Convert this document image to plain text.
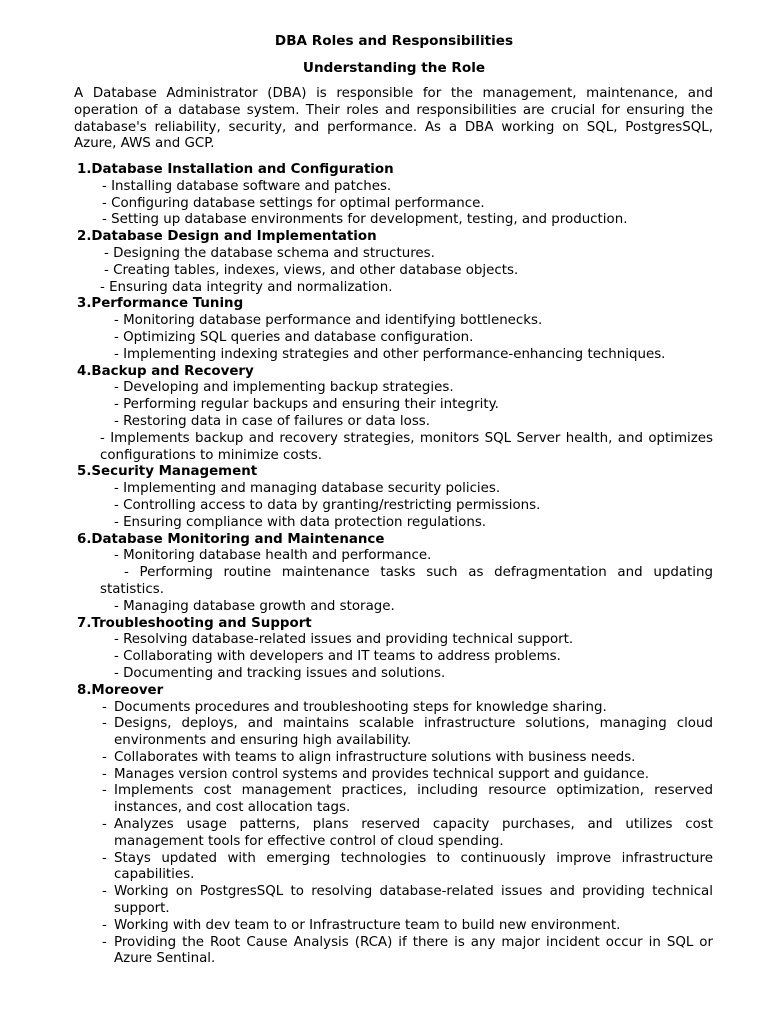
DBA Roles and Responsibilities
Understanding the Role

A Database Administrator (DBA) is responsible for the management, maintenance, and operation of a database system. Their roles and responsibilities are crucial for ensuring the database's reliability, security, and performance. As a DBA working on SQL, PostgresSQL, Azure, AWS and GCP.

1.Database Installation and Configuration
- Installing database software and patches.
- Configuring database settings for optimal performance.
- Setting up database environments for development, testing, and production.
2.Database Design and Implementation
- Designing the database schema and structures.
- Creating tables, indexes, views, and other database objects.
- Ensuring data integrity and normalization.
3.Performance Tuning
- Monitoring database performance and identifying bottlenecks.
- Optimizing SQL queries and database configuration.
- Implementing indexing strategies and other performance-enhancing techniques.
4.Backup and Recovery
- Developing and implementing backup strategies.
- Performing regular backups and ensuring their integrity.
- Restoring data in case of failures or data loss.
- Implements backup and recovery strategies, monitors SQL Server health, and optimizes configurations to minimize costs.
5.Security Management
- Implementing and managing database security policies.
- Controlling access to data by granting/restricting permissions.
- Ensuring compliance with data protection regulations.
6.Database Monitoring and Maintenance
- Monitoring database health and performance.
- Performing routine maintenance tasks such as defragmentation and updating statistics.
- Managing database growth and storage.
7.Troubleshooting and Support
- Resolving database-related issues and providing technical support.
- Collaborating with developers and IT teams to address problems.
- Documenting and tracking issues and solutions.
8.Moreover
- Documents procedures and troubleshooting steps for knowledge sharing.
- Designs, deploys, and maintains scalable infrastructure solutions, managing cloud environments and ensuring high availability.
- Collaborates with teams to align infrastructure solutions with business needs.
- Manages version control systems and provides technical support and guidance.
- Implements cost management practices, including resource optimization, reserved instances, and cost allocation tags.
- Analyzes usage patterns, plans reserved capacity purchases, and utilizes cost management tools for effective control of cloud spending.
- Stays updated with emerging technologies to continuously improve infrastructure capabilities.
- Working on PostgresSQL to resolving database-related issues and providing technical support.
- Working with dev team to or Infrastructure team to build new environment.
- Providing the Root Cause Analysis (RCA) if there is any major incident occur in SQL or Azure Sentinal.
